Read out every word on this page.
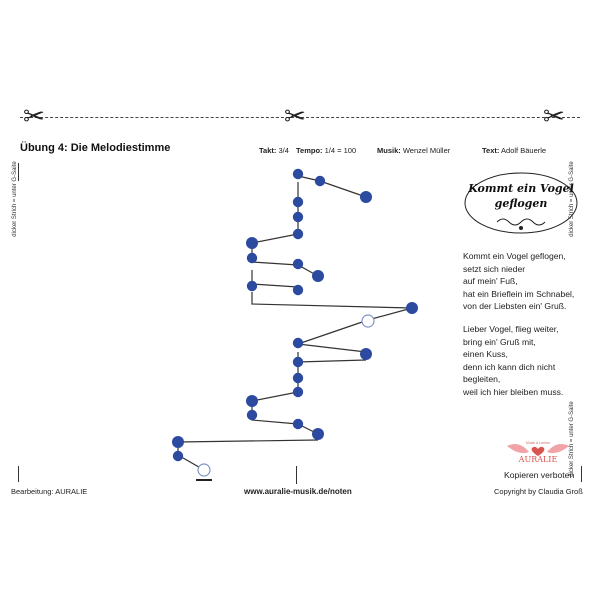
✂	✂	✂
Übung 4: Die Melodiestimme	Takt: 3/4 Tempo: 1/4 = 100	Musik: Wenzel Müller	Text: Adolf Bäuerle
dicker Strich = unter G-Saite	dicker Strich = unter G-Saite
dicker Strich = unter G-Saite
Kommt ein Vogel
geflogen
Kommt ein Vogel geflogen,
setzt sich nieder
auf mein' Fuß,
hat ein Brieflein im Schnabel,
von der Liebsten ein' Gruß.
Lieber Vogel, flieg weiter,
bring ein' Gruß mit,
einen Kuss,
denn ich kann dich nicht
begleiten,
weil ich hier bleiben muss.
Musik & Lernen
AURALIE
Kopieren verboten
Bearbeitung: AURALIE	www.auralie-musik.de/noten	Copyright by Claudia Groß
